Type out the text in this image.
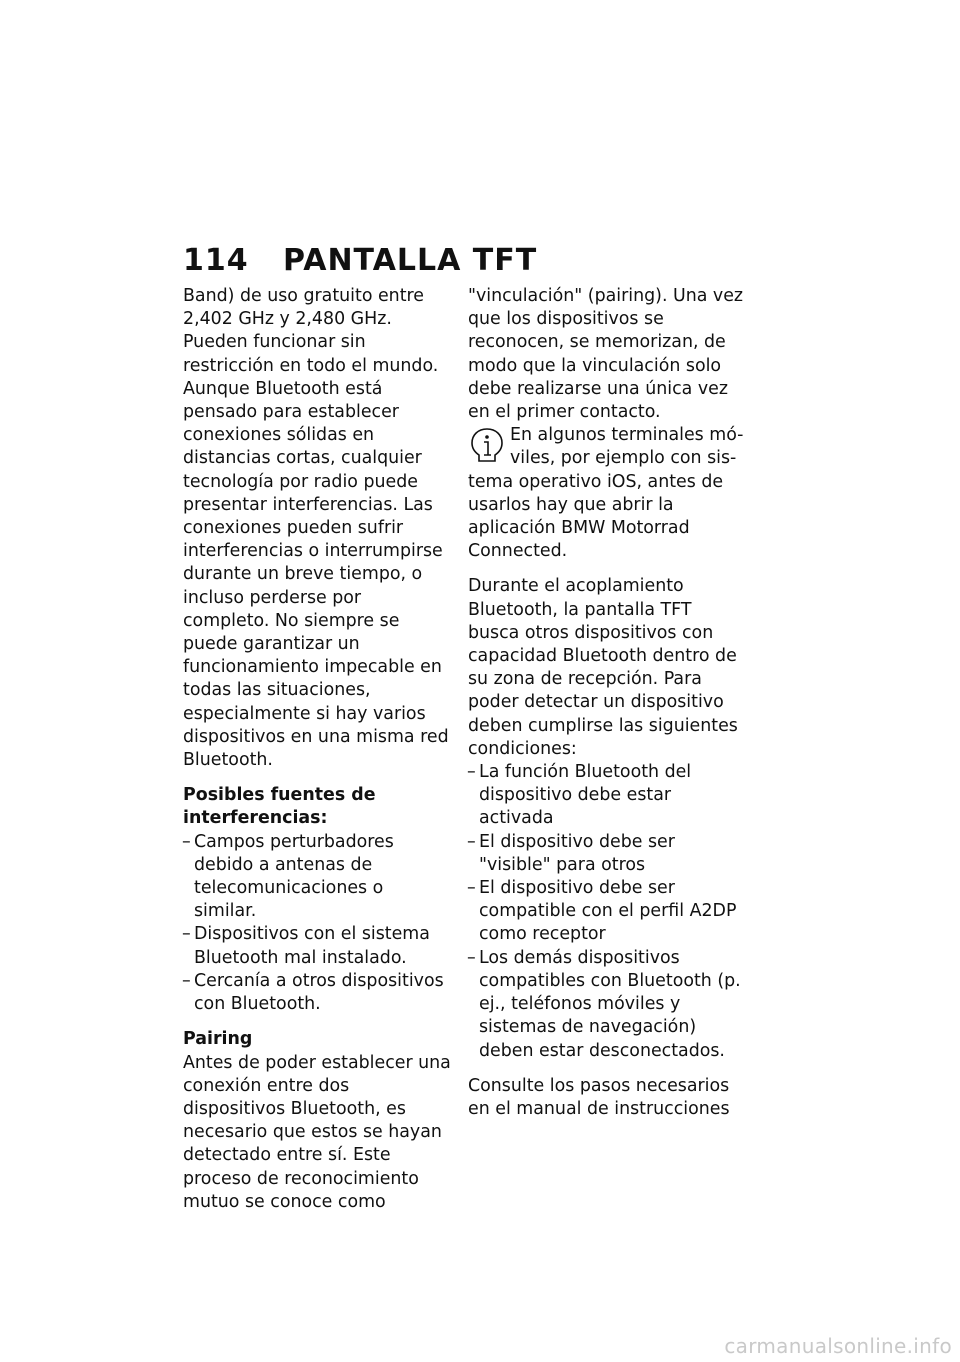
114 PANTALLA TFT

Band) de uso gratuito entre 2,402 GHz y 2,480 GHz. Pueden funcionar sin restricción en todo el mundo.

Aunque Bluetooth está pensado para establecer conexiones sólidas en distancias cortas, cualquier tecnología por radio puede presentar interferencias. Las conexiones pueden sufrir interferencias o interrumpirse durante un breve tiempo, o incluso perderse por completo. No siempre se puede garantizar un funcionamiento impecable en todas las situaciones, especialmente si hay varios dispositivos en una misma red Bluetooth.

Posibles fuentes de interferencias:

– Campos perturbadores debido a antenas de telecomunicaciones o similar.

– Dispositivos con el sistema Bluetooth mal instalado.

– Cercanía a otros dispositivos con Bluetooth.

Pairing

Antes de poder establecer una conexión entre dos dispositivos Bluetooth, es necesario que estos se hayan detectado entre sí. Este proceso de reconocimiento mutuo se conoce como

"vinculación" (pairing). Una vez que los dispositivos se reconocen, se memorizan, de modo que la vinculación solo debe realizarse una única vez en el primer contacto.

En algunos terminales mó-
viles, por ejemplo con sis-
tema operativo iOS, antes de usarlos hay que abrir la aplicación BMW Motorrad Connected.

Durante el acoplamiento Bluetooth, la pantalla TFT busca otros dispositivos con capacidad Bluetooth dentro de su zona de recepción. Para poder detectar un dispositivo deben cumplirse las siguientes condiciones:

– La función Bluetooth del dispositivo debe estar activada

– El dispositivo debe ser "visible" para otros

– El dispositivo debe ser compatible con el perfil A2DP como receptor

– Los demás dispositivos compatibles con Bluetooth (p. ej., teléfonos móviles y sistemas de navegación) deben estar desconectados.

Consulte los pasos necesarios en el manual de instrucciones

carmanualsonline.info
